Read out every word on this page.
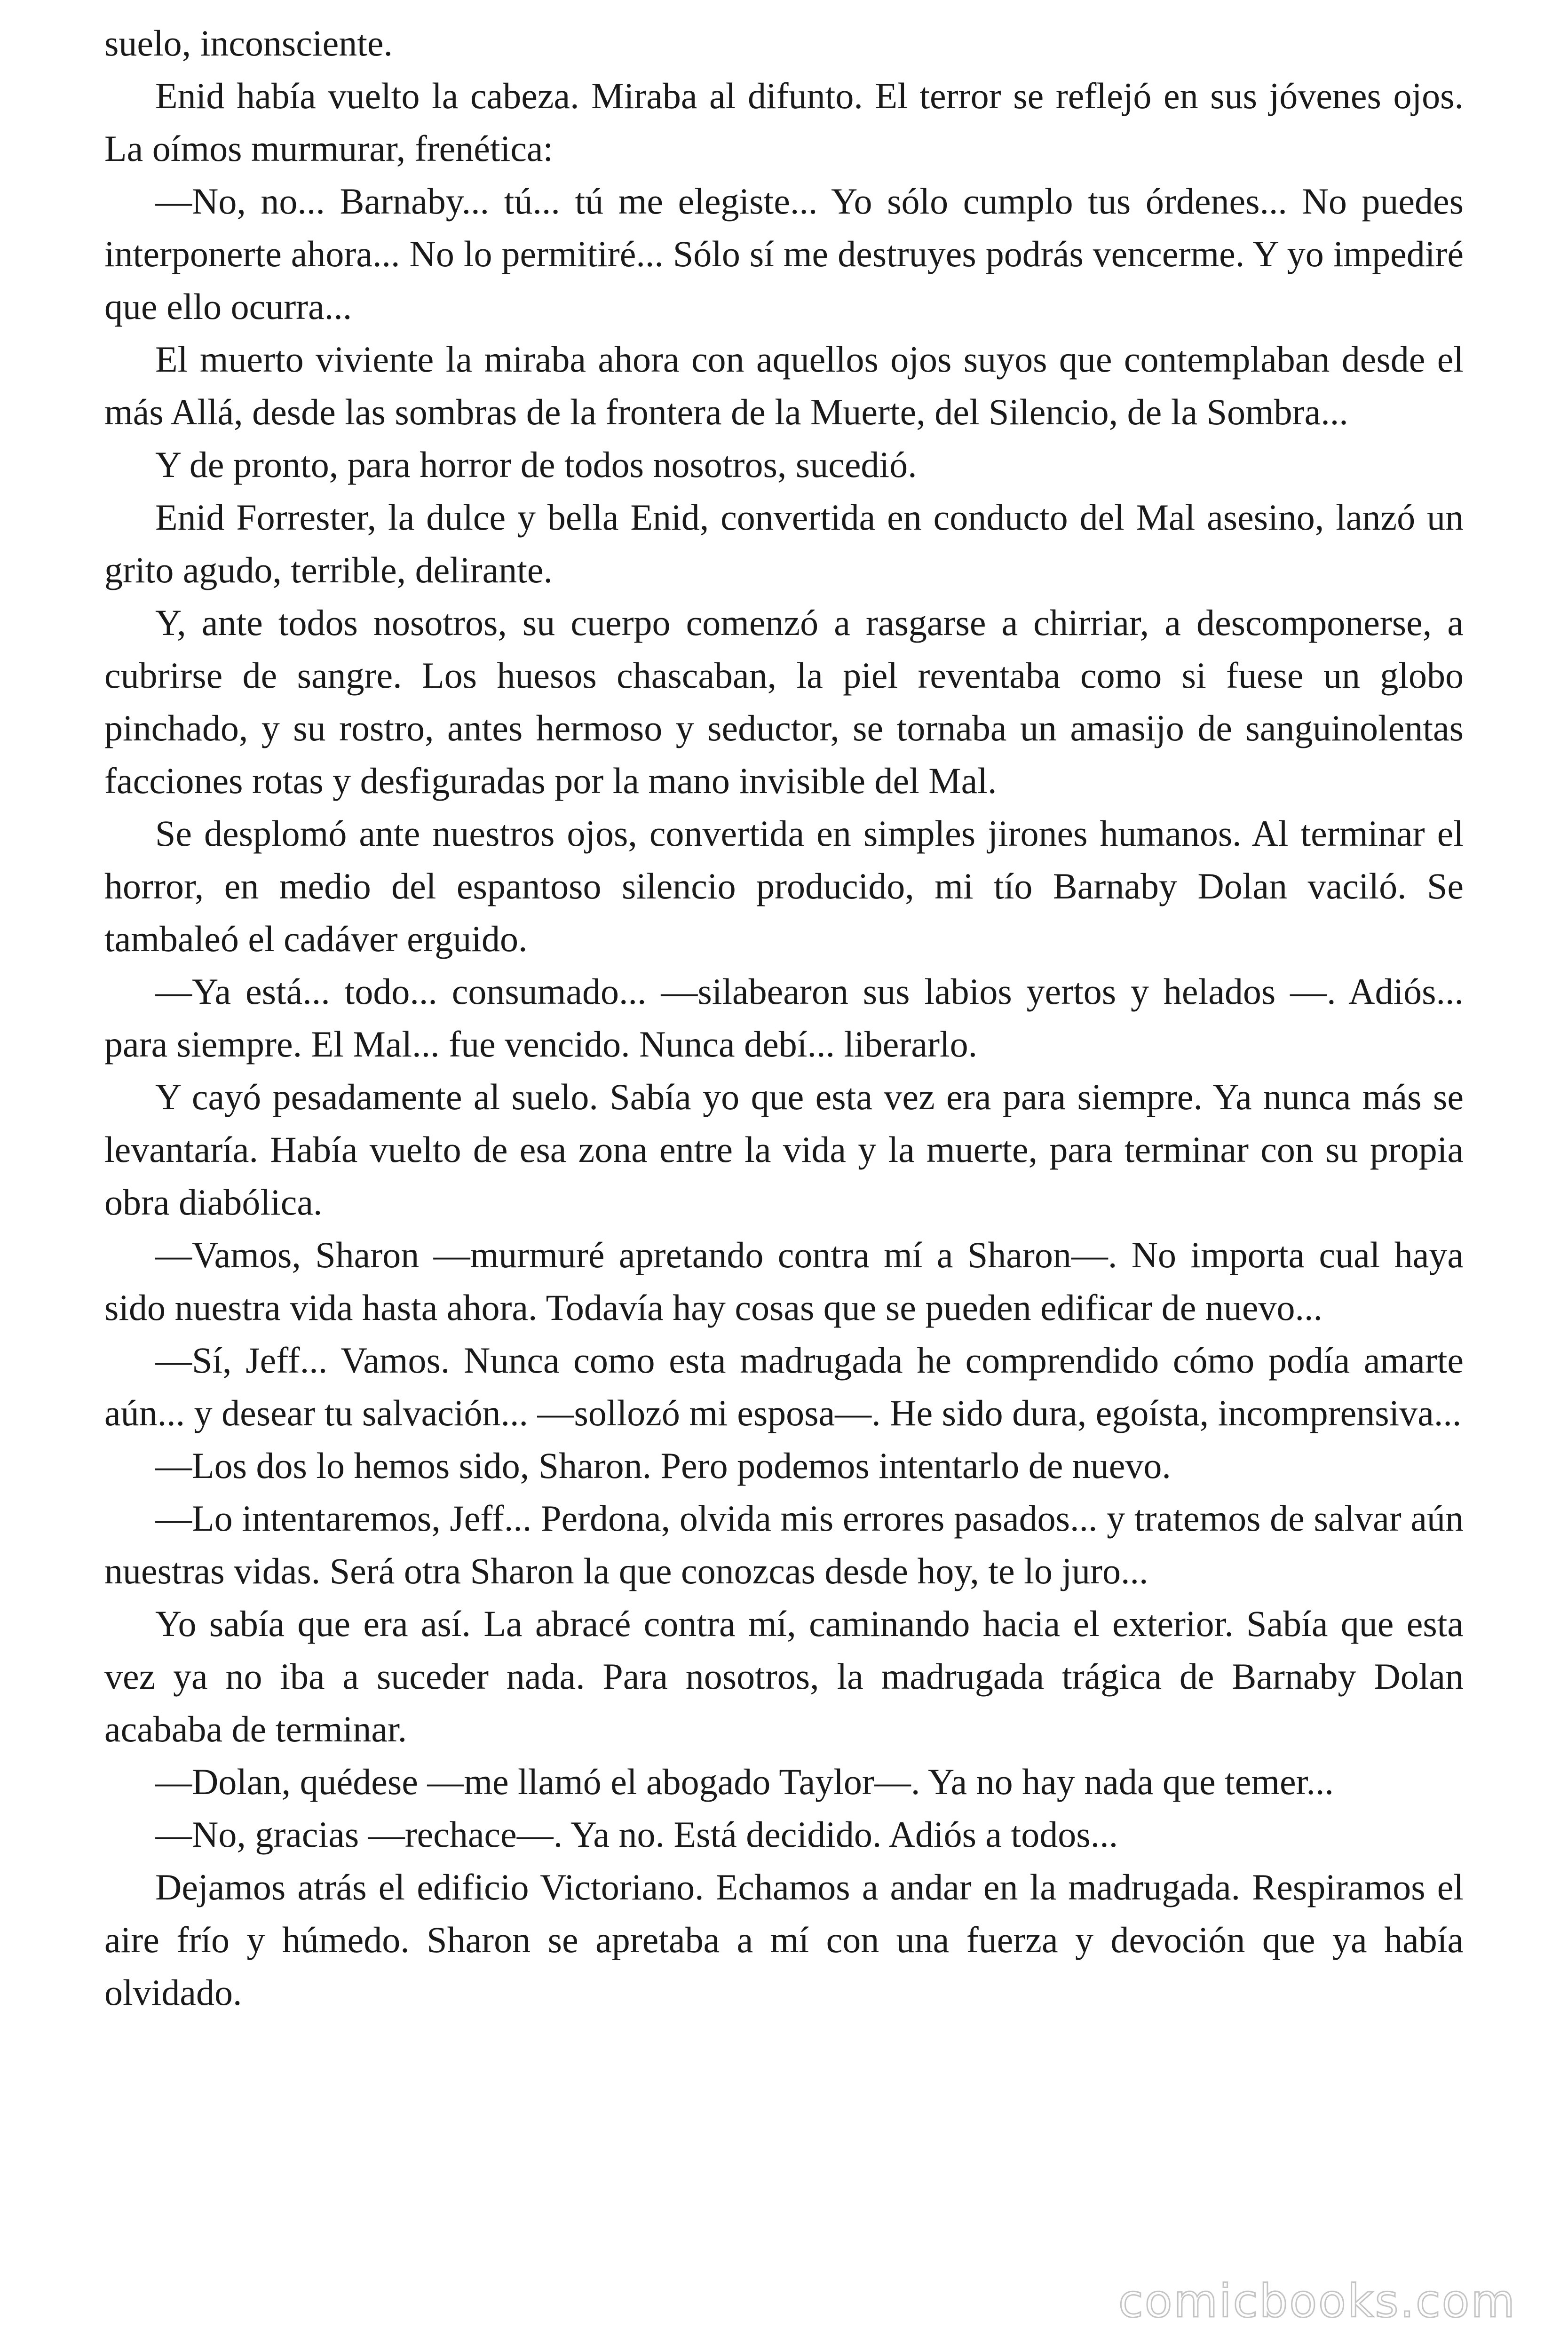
suelo, inconsciente.

Enid había vuelto la cabeza. Miraba al difunto. El terror se reflejó en sus jóvenes ojos. La oímos murmurar, frenética:

—No, no... Barnaby... tú... tú me elegiste... Yo sólo cumplo tus órdenes... No puedes interponerte ahora... No lo permitiré... Sólo sí me destruyes podrás vencerme. Y yo impediré que ello ocurra...

El muerto viviente la miraba ahora con aquellos ojos suyos que contemplaban desde el más Allá, desde las sombras de la frontera de la Muerte, del Silencio, de la Sombra...

Y de pronto, para horror de todos nosotros, sucedió.

Enid Forrester, la dulce y bella Enid, convertida en conducto del Mal asesino, lanzó un grito agudo, terrible, delirante.

Y, ante todos nosotros, su cuerpo comenzó a rasgarse a chirriar, a descomponerse, a cubrirse de sangre. Los huesos chascaban, la piel reventaba como si fuese un globo pinchado, y su rostro, antes hermoso y seductor, se tornaba un amasijo de sanguinolentas facciones rotas y desfiguradas por la mano invisible del Mal.

Se desplomó ante nuestros ojos, convertida en simples jirones humanos. Al terminar el horror, en medio del espantoso silencio producido, mi tío Barnaby Dolan vaciló. Se tambaleó el cadáver erguido.

—Ya está... todo... consumado... —silabearon sus labios yertos y helados —. Adiós... para siempre. El Mal... fue vencido. Nunca debí... liberarlo.

Y cayó pesadamente al suelo. Sabía yo que esta vez era para siempre. Ya nunca más se levantaría. Había vuelto de esa zona entre la vida y la muerte, para terminar con su propia obra diabólica.

—Vamos, Sharon —murmuré apretando contra mí a Sharon—. No importa cual haya sido nuestra vida hasta ahora. Todavía hay cosas que se pueden edificar de nuevo...

—Sí, Jeff... Vamos. Nunca como esta madrugada he comprendido cómo podía amarte aún... y desear tu salvación... —sollozó mi esposa—. He sido dura, egoísta, incomprensiva...

—Los dos lo hemos sido, Sharon. Pero podemos intentarlo de nuevo.

—Lo intentaremos, Jeff... Perdona, olvida mis errores pasados... y tratemos de salvar aún nuestras vidas. Será otra Sharon la que conozcas desde hoy, te lo juro...

Yo sabía que era así. La abracé contra mí, caminando hacia el exterior. Sabía que esta vez ya no iba a suceder nada. Para nosotros, la madrugada trágica de Barnaby Dolan acababa de terminar.

—Dolan, quédese —me llamó el abogado Taylor—. Ya no hay nada que temer...

—No, gracias —rechace—. Ya no. Está decidido. Adiós a todos...

Dejamos atrás el edificio Victoriano. Echamos a andar en la madrugada. Respiramos el aire frío y húmedo. Sharon se apretaba a mí con una fuerza y devoción que ya había olvidado.

comicbooks.com
